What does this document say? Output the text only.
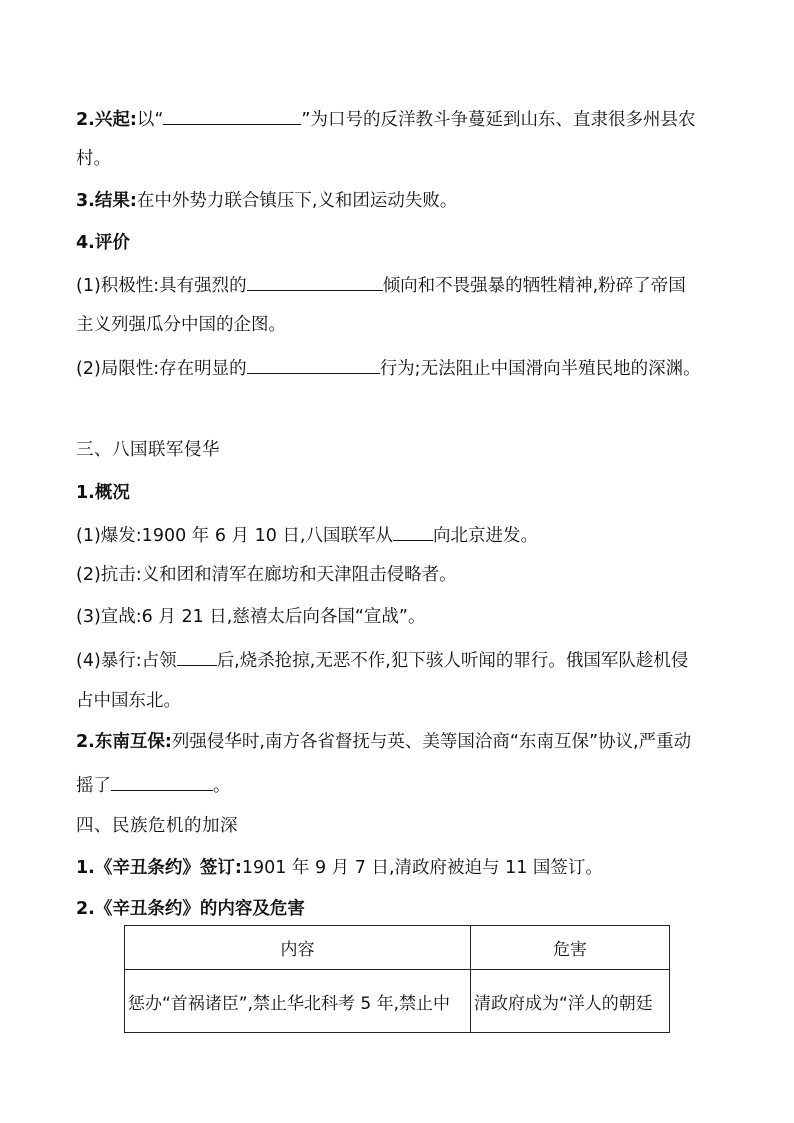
2.兴起:以“	”为口号的反洋教斗争蔓延到山东、直隶很多州县农
村。
3.结果:在中外势力联合镇压下,义和团运动失败。
4.评价
(1)积极性:具有强烈的	倾向和不畏强暴的牺牲精神,粉碎了帝国
主义列强瓜分中国的企图。
(2)局限性:存在明显的	行为;无法阻止中国滑向半殖民地的深渊。
三、八国联军侵华
1.概况
(1)爆发:1900 年 6 月 10 日,八国联军从 向北京进发。
(2)抗击:义和团和清军在廊坊和天津阻击侵略者。
(3)宣战:6 月 21 日,慈禧太后向各国“宣战”。
(4)暴行:占领 后,烧杀抢掠,无恶不作,犯下骇人听闻的罪行。俄国军队趁机侵
占中国东北。
2.东南互保:列强侵华时,南方各省督抚与英、美等国洽商“东南互保”协议,严重动
摇了	。
四、民族危机的加深
1.《辛丑条约》签订:1901 年 9 月 7 日,清政府被迫与 11 国签订。
2.《辛丑条约》的内容及危害
内容	危害

惩办“首祸诸臣”,禁止华北科考 5 年,禁止中	清政府成为“洋人的朝廷
